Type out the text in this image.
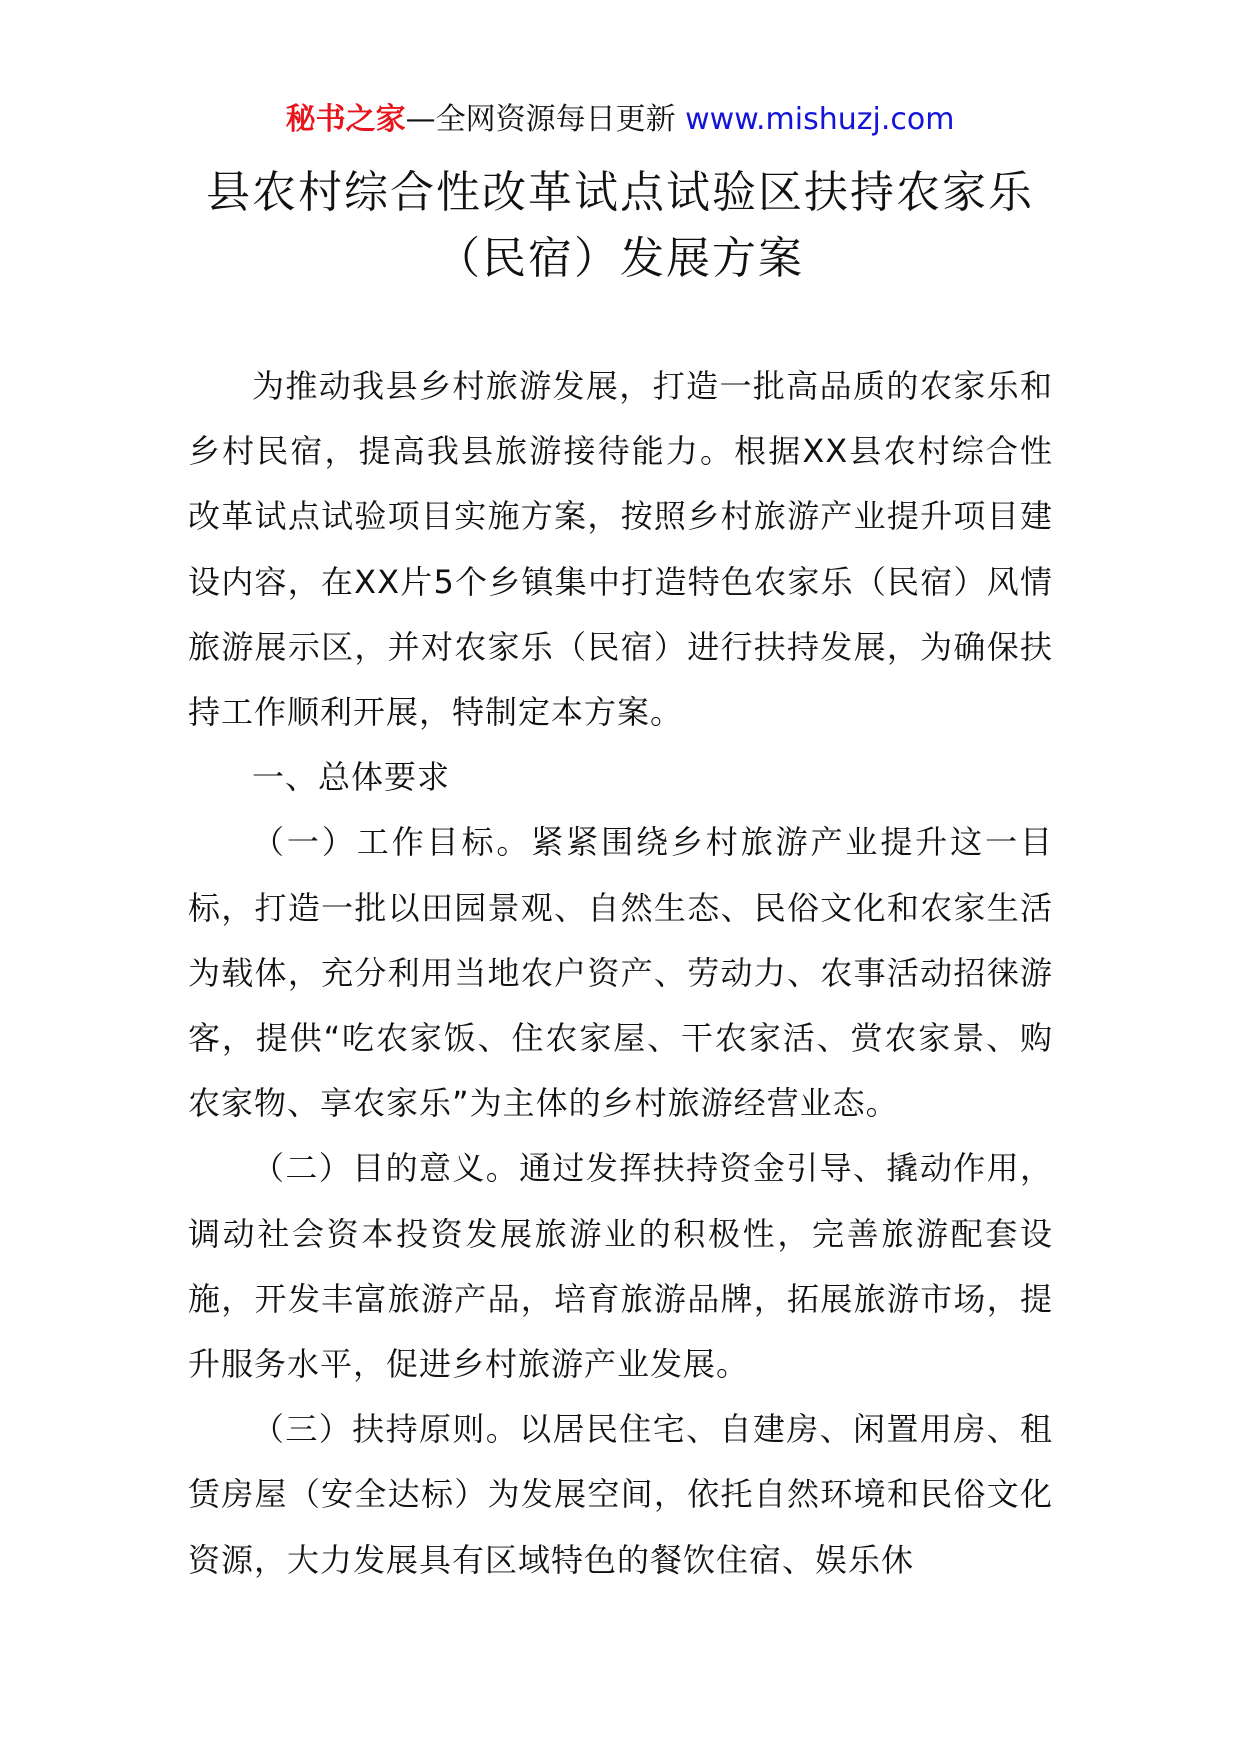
秘书之家—全网资源每日更新 www.mishuzj.com
县农村综合性改革试点试验区扶持农家乐
（民宿）发展方案

为推动我县乡村旅游发展，打造一批高品质的农家乐和乡村民宿，提高我县旅游接待能力。根据XX县农村综合性改革试点试验项目实施方案，按照乡村旅游产业提升项目建设内容，在XX片5个乡镇集中打造特色农家乐（民宿）风情旅游展示区，并对农家乐（民宿）进行扶持发展，为确保扶持工作顺利开展，特制定本方案。

一、总体要求

（一）工作目标。紧紧围绕乡村旅游产业提升这一目标，打造一批以田园景观、自然生态、民俗文化和农家生活为载体，充分利用当地农户资产、劳动力、农事活动招徕游客，提供“吃农家饭、住农家屋、干农家活、赏农家景、购农家物、享农家乐”为主体的乡村旅游经营业态。

（二）目的意义。通过发挥扶持资金引导、撬动作用，调动社会资本投资发展旅游业的积极性，完善旅游配套设施，开发丰富旅游产品，培育旅游品牌，拓展旅游市场，提升服务水平，促进乡村旅游产业发展。

（三）扶持原则。以居民住宅、自建房、闲置用房、租赁房屋（安全达标）为发展空间，依托自然环境和民俗文化资源，大力发展具有区域特色的餐饮住宿、娱乐休
